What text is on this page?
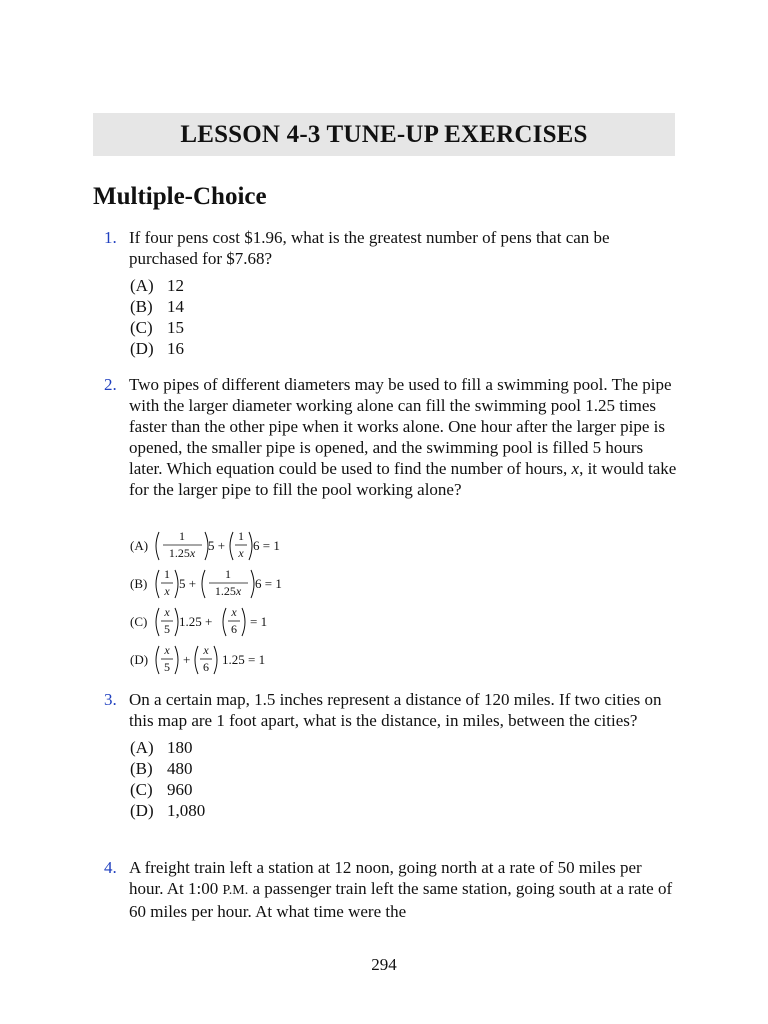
LESSON 4-3 TUNE-UP EXERCISES
Multiple-Choice
1. If four pens cost $1.96, what is the greatest number of pens that can be purchased for $7.68?
(A) 12
(B) 14
(C) 15
(D) 16
2. Two pipes of different diameters may be used to fill a swimming pool. The pipe with the larger diameter working alone can fill the swimming pool 1.25 times faster than the other pipe when it works alone. One hour after the larger pipe is opened, the smaller pipe is opened, and the swimming pool is filled 5 hours later. Which equation could be used to find the number of hours, x, it would take for the larger pipe to fill the pool working alone?
(A)
1
1.25x 5 +
1
x 6 = 1
(B)
1
x 5 +
1
1.25x 6 = 1
(C)
x
5 1.25 +
x
6 = 1
(D)
x
5 +
x
6 1.25 = 1
3. On a certain map, 1.5 inches represent a distance of 120 miles. If two cities on this map are 1 foot apart, what is the distance, in miles, between the cities?
(A) 180
(B) 480
(C) 960
(D) 1,080
4. A freight train left a station at 12 noon, going north at a rate of 50 miles per hour. At 1:00 P.M. a passenger train left the same station, going south at a rate of 60 miles per hour. At what time were the
294
